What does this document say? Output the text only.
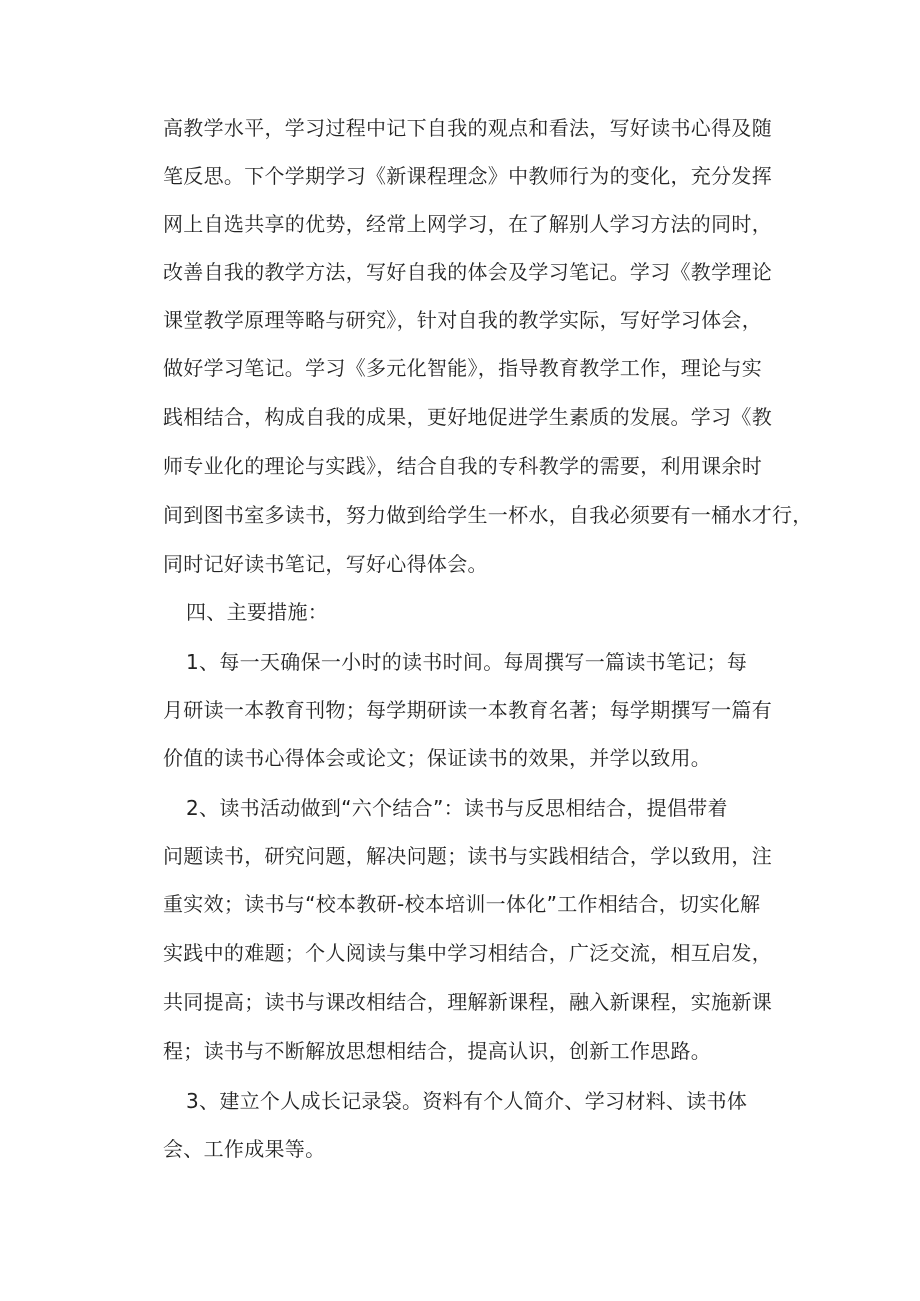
高教学水平，学习过程中记下自我的观点和看法，写好读书心得及随
笔反思。下个学期学习《新课程理念》中教师行为的变化，充分发挥
网上自选共享的优势，经常上网学习，在了解别人学习方法的同时，
改善自我的教学方法，写好自我的体会及学习笔记。学习《教学理论
课堂教学原理等略与研究》，针对自我的教学实际，写好学习体会，
做好学习笔记。学习《多元化智能》，指导教育教学工作，理论与实
践相结合，构成自我的成果，更好地促进学生素质的发展。学习《教
师专业化的理论与实践》，结合自我的专科教学的需要，利用课余时
间到图书室多读书，努力做到给学生一杯水，自我必须要有一桶水才行，
同时记好读书笔记，写好心得体会。
四、主要措施：
1、每一天确保一小时的读书时间。每周撰写一篇读书笔记；每
月研读一本教育刊物；每学期研读一本教育名著；每学期撰写一篇有
价值的读书心得体会或论文；保证读书的效果，并学以致用。
2、读书活动做到“六个结合”：读书与反思相结合，提倡带着
问题读书，研究问题，解决问题；读书与实践相结合，学以致用，注
重实效；读书与“校本教研-校本培训一体化”工作相结合，切实化解
实践中的难题；个人阅读与集中学习相结合，广泛交流，相互启发，
共同提高；读书与课改相结合，理解新课程，融入新课程，实施新课
程；读书与不断解放思想相结合，提高认识，创新工作思路。
3、建立个人成长记录袋。资料有个人简介、学习材料、读书体
会、工作成果等。
